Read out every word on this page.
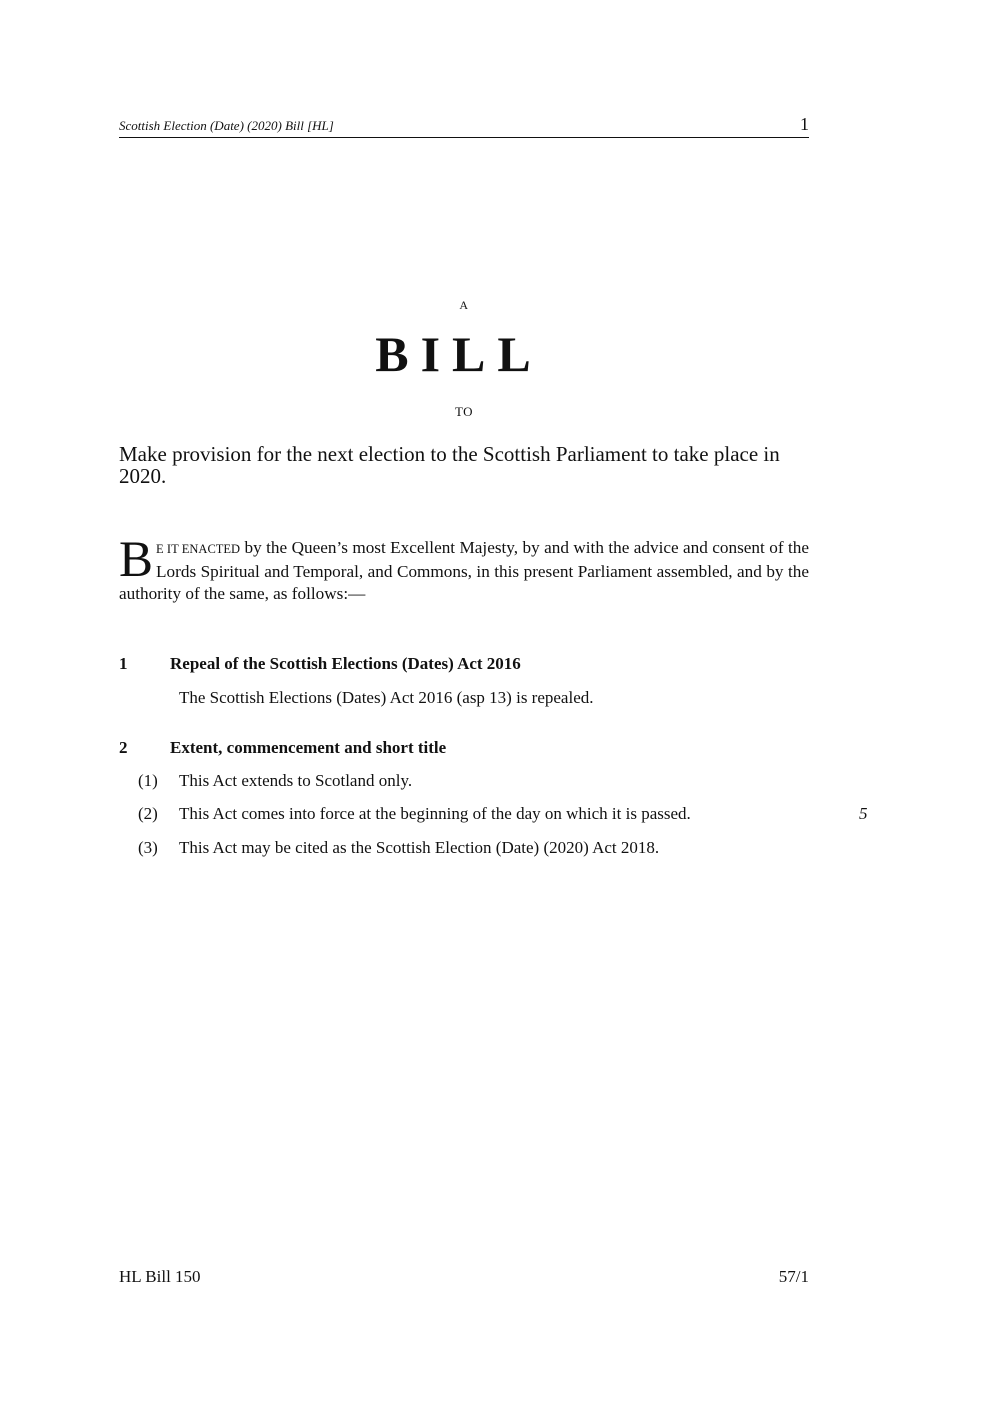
Scottish Election (Date) (2020) Bill [HL]	1
A
BILL
TO
Make provision for the next election to the Scottish Parliament to take place in 2020.
B E IT ENACTED by the Queen’s most Excellent Majesty, by and with the advice and consent of the Lords Spiritual and Temporal, and Commons, in this present Parliament assembled, and by the authority of the same, as follows:—
1	Repeal of the Scottish Elections (Dates) Act 2016
The Scottish Elections (Dates) Act 2016 (asp 13) is repealed.
2	Extent, commencement and short title
(1) This Act extends to Scotland only.
(2) This Act comes into force at the beginning of the day on which it is passed.	5
(3) This Act may be cited as the Scottish Election (Date) (2020) Act 2018.
HL Bill 150	57/1
